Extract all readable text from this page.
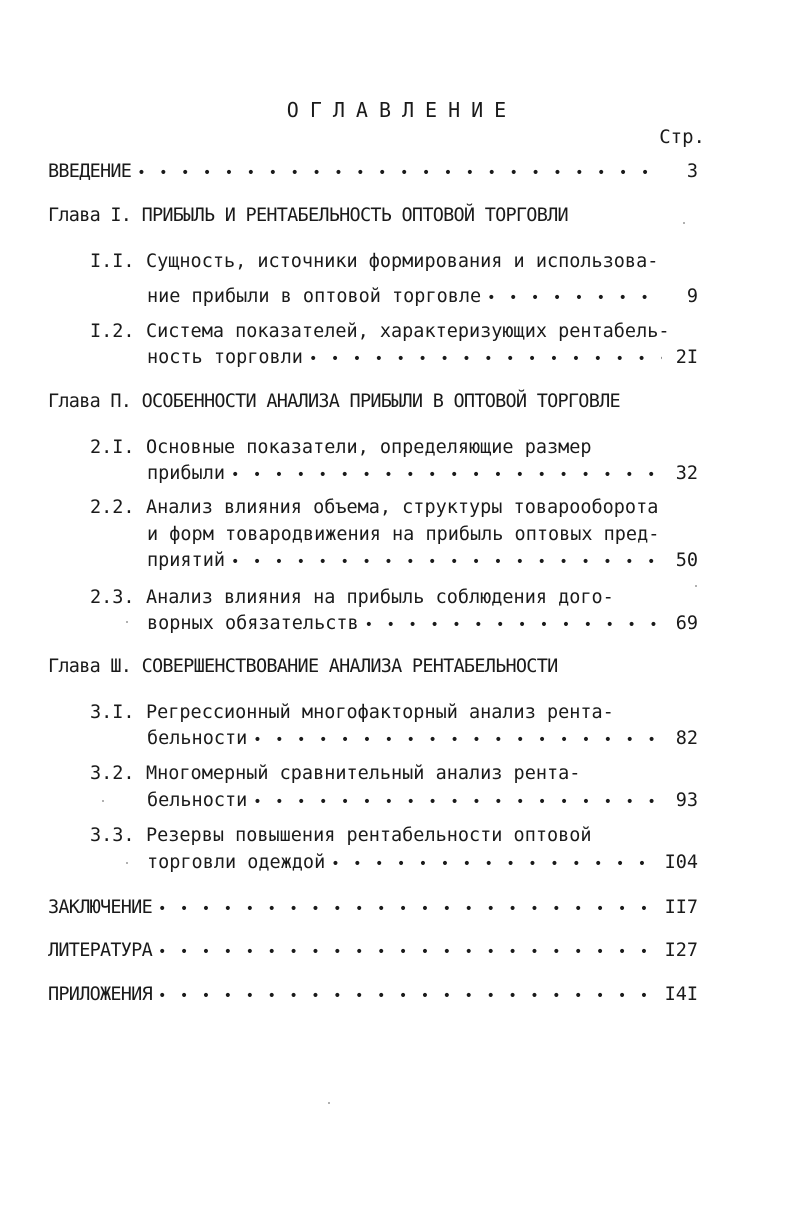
ОГЛАВЛЕНИЕ
Стр.
ВВЕДЕНИЕ • • •	3
Глава I. ПРИБЫЛЬ И РЕНТАБЕЛЬНОСТЬ ОПТОВОЙ ТОРГОВЛИ
I.I. Сущность, источники формирования и использова-
ние прибыли в оптовой торговле • • •	9
I.2. Система показателей, характеризующих рентабель-
ность торговли • • •	2I
Глава П. ОСОБЕННОСТИ АНАЛИЗА ПРИБЫЛИ В ОПТОВОЙ ТОРГОВЛЕ
2.I. Основные показатели, определяющие размер
прибыли • • •	32
2.2. Анализ влияния объема, структуры товарооборота
и форм товародвижения на прибыль оптовых пред-
приятий • • •	50
2.3. Анализ влияния на прибыль соблюдения дого-
ворных обязательств • • •	69
Глава Ш. СОВЕРШЕНСТВОВАНИЕ АНАЛИЗА РЕНТАБЕЛЬНОСТИ
3.I. Регрессионный многофакторный анализ рента-
бельности • • •	82
3.2. Многомерный сравнительный анализ рента-
бельности • • •	93
3.3. Резервы повышения рентабельности оптовой
торговли одеждой • • •	I04
ЗАКЛЮЧЕНИЕ • • •	II7
ЛИТЕРАТУРА • • •	I27
ПРИЛОЖЕНИЯ • • •	I4I
